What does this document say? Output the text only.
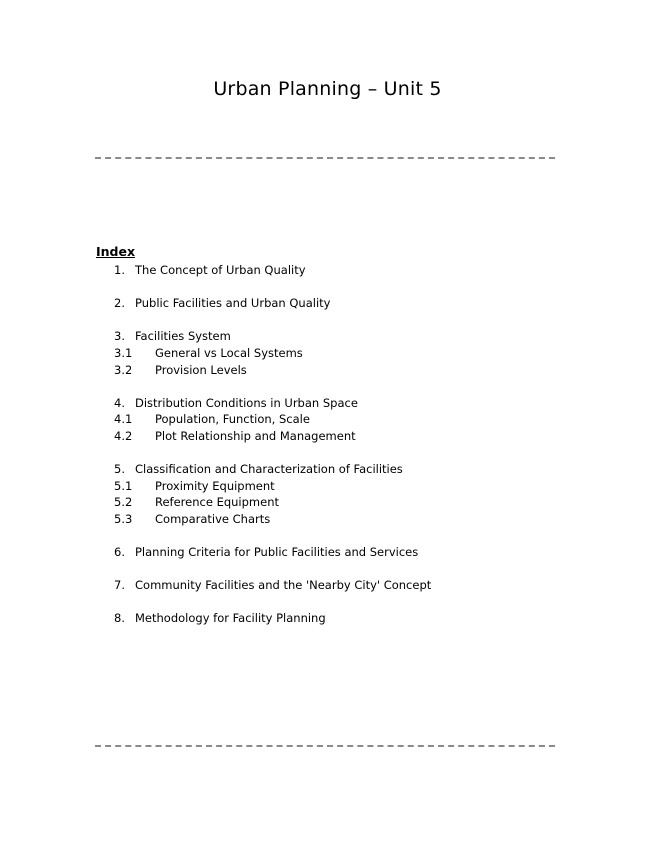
Urban Planning – Unit 5
Index
1. The Concept of Urban Quality
2. Public Facilities and Urban Quality
3. Facilities System
3.1 General vs Local Systems
3.2 Provision Levels
4. Distribution Conditions in Urban Space
4.1 Population, Function, Scale
4.2 Plot Relationship and Management
5. Classification and Characterization of Facilities
5.1 Proximity Equipment
5.2 Reference Equipment
5.3 Comparative Charts
6. Planning Criteria for Public Facilities and Services
7. Community Facilities and the 'Nearby City' Concept
8. Methodology for Facility Planning
